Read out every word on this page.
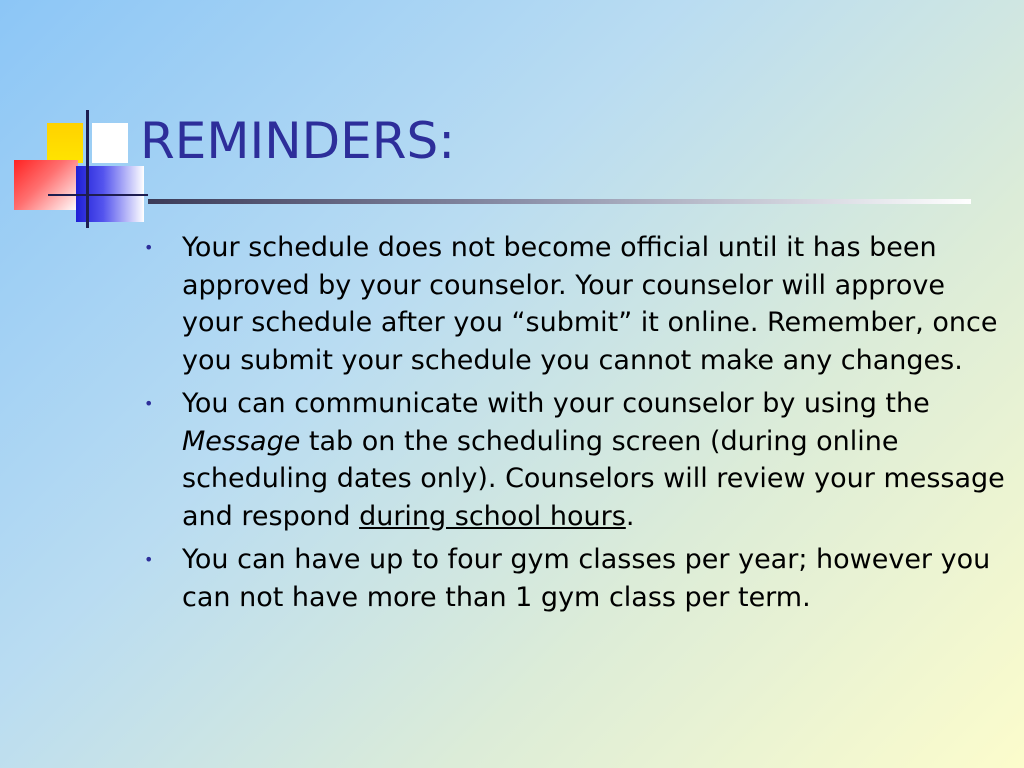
REMINDERS:
• Your schedule does not become official until it has been approved by your counselor. Your counselor will approve your schedule after you “submit” it online. Remember, once you submit your schedule you cannot make any changes.
• You can communicate with your counselor by using the Message tab on the scheduling screen (during online scheduling dates only). Counselors will review your message and respond during school hours.
• You can have up to four gym classes per year; however you can not have more than 1 gym class per term.
